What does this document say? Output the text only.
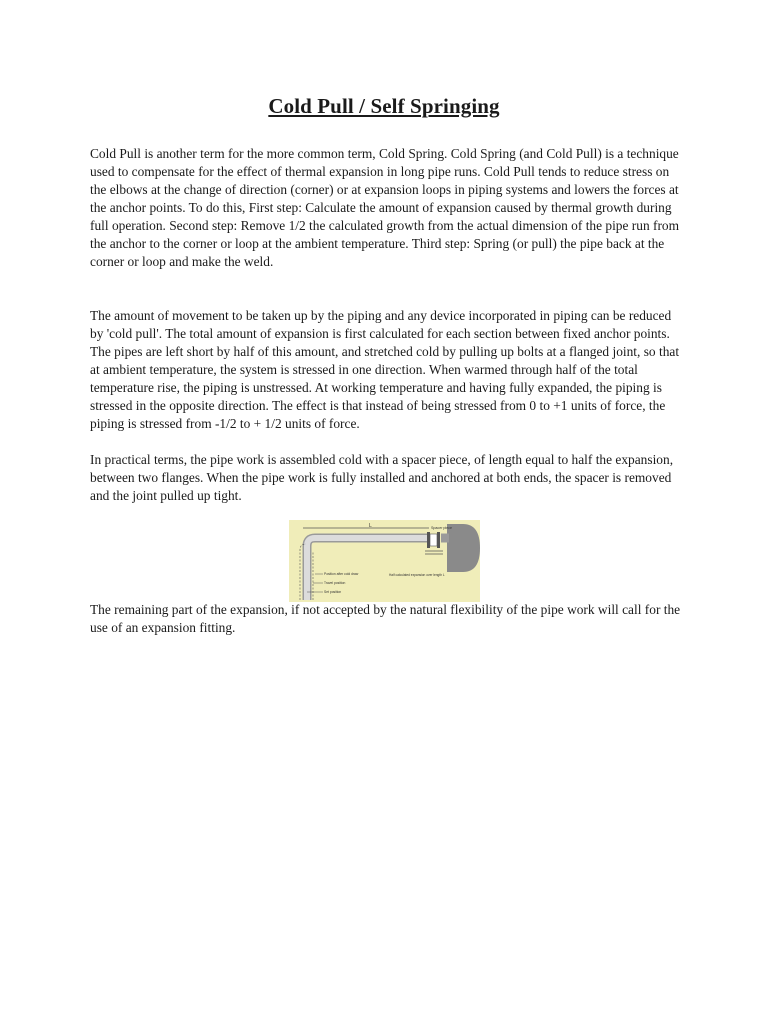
Cold Pull / Self Springing

Cold Pull is another term for the more common term, Cold Spring. Cold Spring (and Cold Pull) is a technique used to compensate for the effect of thermal expansion in long pipe runs. Cold Pull tends to reduce stress on the elbows at the change of direction (corner) or at expansion loops in piping systems and lowers the forces at the anchor points. To do this, First step: Calculate the amount of expansion caused by thermal growth during full operation. Second step: Remove 1/2 the calculated growth from the actual dimension of the pipe run from the anchor to the corner or loop at the ambient temperature. Third step: Spring (or pull) the pipe back at the corner or loop and make the weld.

The amount of movement to be taken up by the piping and any device incorporated in piping can be reduced by 'cold pull'. The total amount of expansion is first calculated for each section between fixed anchor points. The pipes are left short by half of this amount, and stretched cold by pulling up bolts at a flanged joint, so that at ambient temperature, the system is stressed in one direction. When warmed through half of the total temperature rise, the piping is unstressed. At working temperature and having fully expanded, the piping is stressed in the opposite direction. The effect is that instead of being stressed from 0 to +1 units of force, the piping is stressed from -1/2 to + 1/2 units of force.

In practical terms, the pipe work is assembled cold with a spacer piece, of length equal to half the expansion, between two flanges. When the pipe work is fully installed and anchored at both ends, the spacer is removed and the joint pulled up tight.

L	Spacer piece
Half calculated expansion over length L
Position after cold draw
Travel position
Set position

The remaining part of the expansion, if not accepted by the natural flexibility of the pipe work will call for the use of an expansion fitting.
